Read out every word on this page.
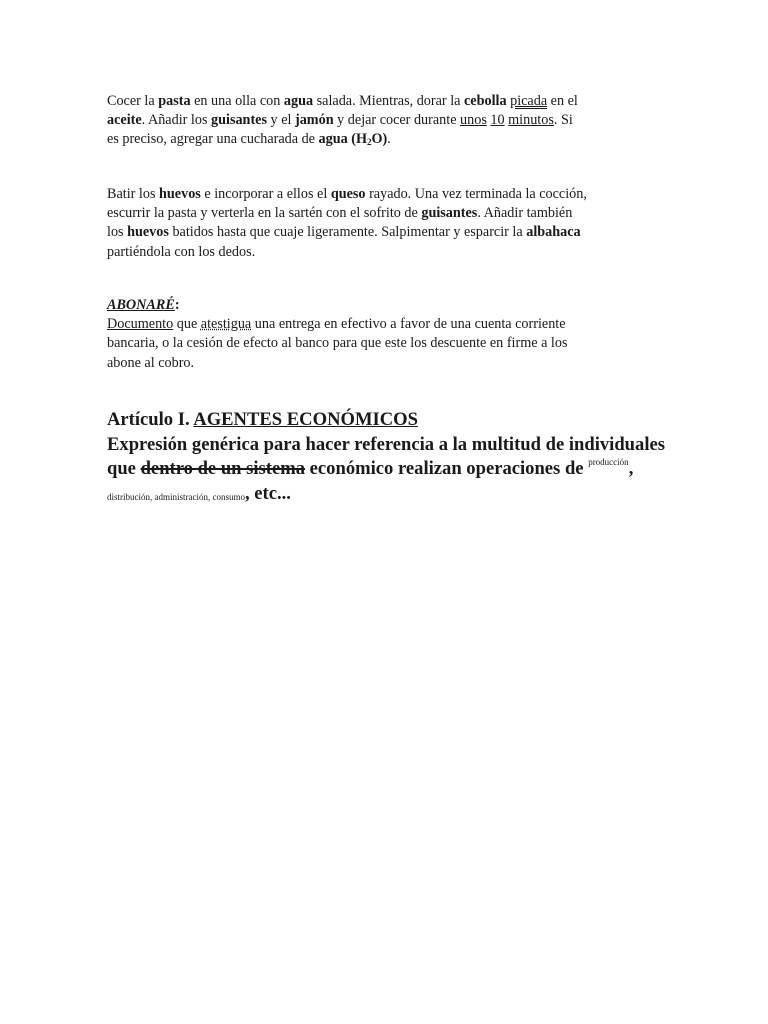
Cocer la pasta en una olla con agua salada. Mientras, dorar la cebolla picada en el
aceite. Añadir los guisantes y el jamón y dejar cocer durante unos 10 minutos. Si
es preciso, agregar una cucharada de agua (H2O).
Batir los huevos e incorporar a ellos el queso rayado. Una vez terminada la cocción,
escurrir la pasta y verterla en la sartén con el sofrito de guisantes. Añadir también
los huevos batidos hasta que cuaje ligeramente. Salpimentar y esparcir la albahaca
partiéndola con los dedos.
ABONARÉ:
Documento que atestigua una entrega en efectivo a favor de una cuenta corriente
bancaria, o la cesión de efecto al banco para que este los descuente en firme a los
abone al cobro.
Artículo I. AGENTES ECONÓMICOS
Expresión genérica para hacer referencia a la multitud de individuales
que dentro de un sistema económico realizan operaciones de $^{producción}$,
distribución, administración, consumo, etc...
